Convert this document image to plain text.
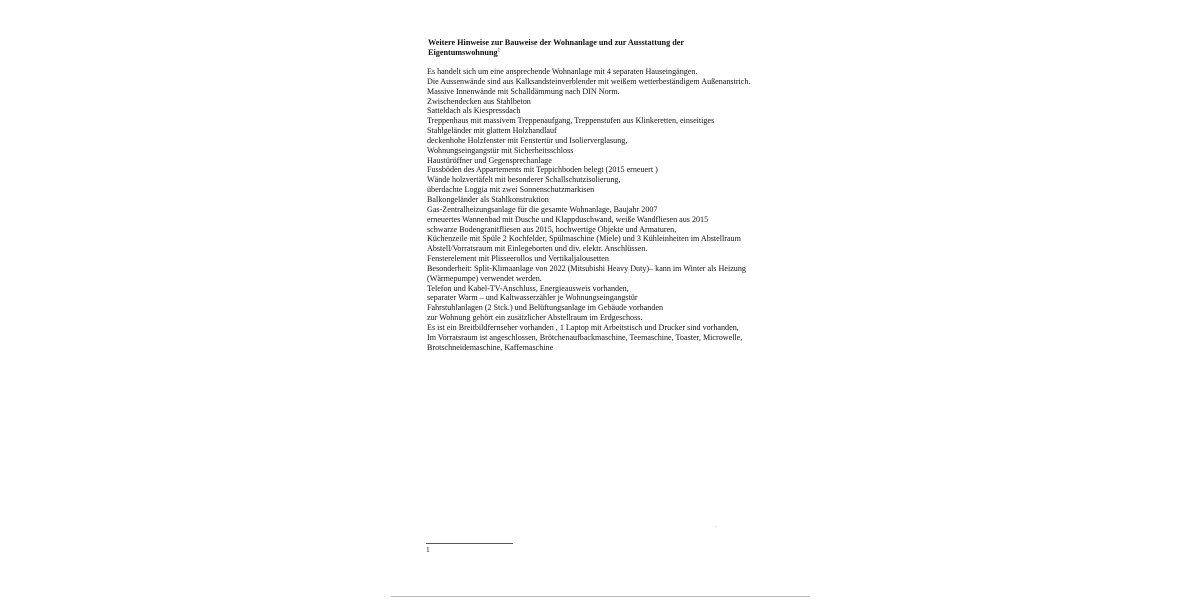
Weitere Hinweise zur Bauweise der Wohnanlage und zur Ausstattung der
Eigentumswohnung$^1$
Es handelt sich um eine ansprechende Wohnanlage mit 4 separaten Hauseingängen.
Die Aussenwände sind aus Kalksandsteinverblender mit weißem wetterbeständigem Außenanstrich.
Massive Innenwände mit Schalldämmung nach DIN Norm.
Zwischendecken aus Stahlbeton
Satteldach als Kiespressdach
Treppenhaus mit massivem Treppenaufgang, Treppenstufen aus Klinkeretten, einseitiges
Stahlgeländer mit glattem Holzhandlauf
deckenhohe Holzfenster mit Fenstertür und Isolierverglasung,
Wohnungseingangstür mit Sicherheitsschloss
Haustüröffner und Gegensprechanlage
Fussböden des Appartements mit Teppichboden belegt (2015 erneuert )
Wände holzvertäfelt mit besonderer Schallschutzisolierung,
überdachte Loggia mit zwei Sonnenschutzmarkisen
Balkongeländer als Stahlkonstruktion
Gas-Zentralheizungsanlage für die gesamte Wohnanlage, Baujahr 2007
erneuertes Wannenbad mit Dusche und Klappduschwand, weiße Wandfliesen aus 2015
schwarze Bodengranitfliesen aus 2015, hochwertige Objekte und Armaturen,
Küchenzeile mit Spüle 2 Kochfelder, Spülmaschine (Miele) und 3 Kühleinheiten im Abstellraum
Abstell/Vorratsraum mit Einlegeborten und div. elektr. Anschlüssen.
Fensterelement mit Plisseerollos und Vertikaljalousetten
Besonderheit: Split-Klimaanlage von 2022 (Mitsubishi Heavy Duty)– kann im Winter als Heizung
(Wärmepumpe) verwendet werden.
Telefon und Kabel-TV-Anschluss, Energieausweis vorhanden,
separater Warm – und Kaltwasserzähler je Wohnungseingangstür
Fahrstuhlanlagen (2 Stck.) und Belüftungsanlage im Gebäude vorhanden
zur Wohnung gehört ein zusätzlicher Abstellraum im Erdgeschoss.
Es ist ein Breitbildfernseher vorhanden , 1 Laptop mit Arbeitstisch und Drucker sind vorhanden,
Im Vorratsraum ist angeschlossen, Brötchenaufbackmaschine, Teemaschine, Toaster, Microwelle,
Brotschneidemaschine, Kaffemaschine
1
